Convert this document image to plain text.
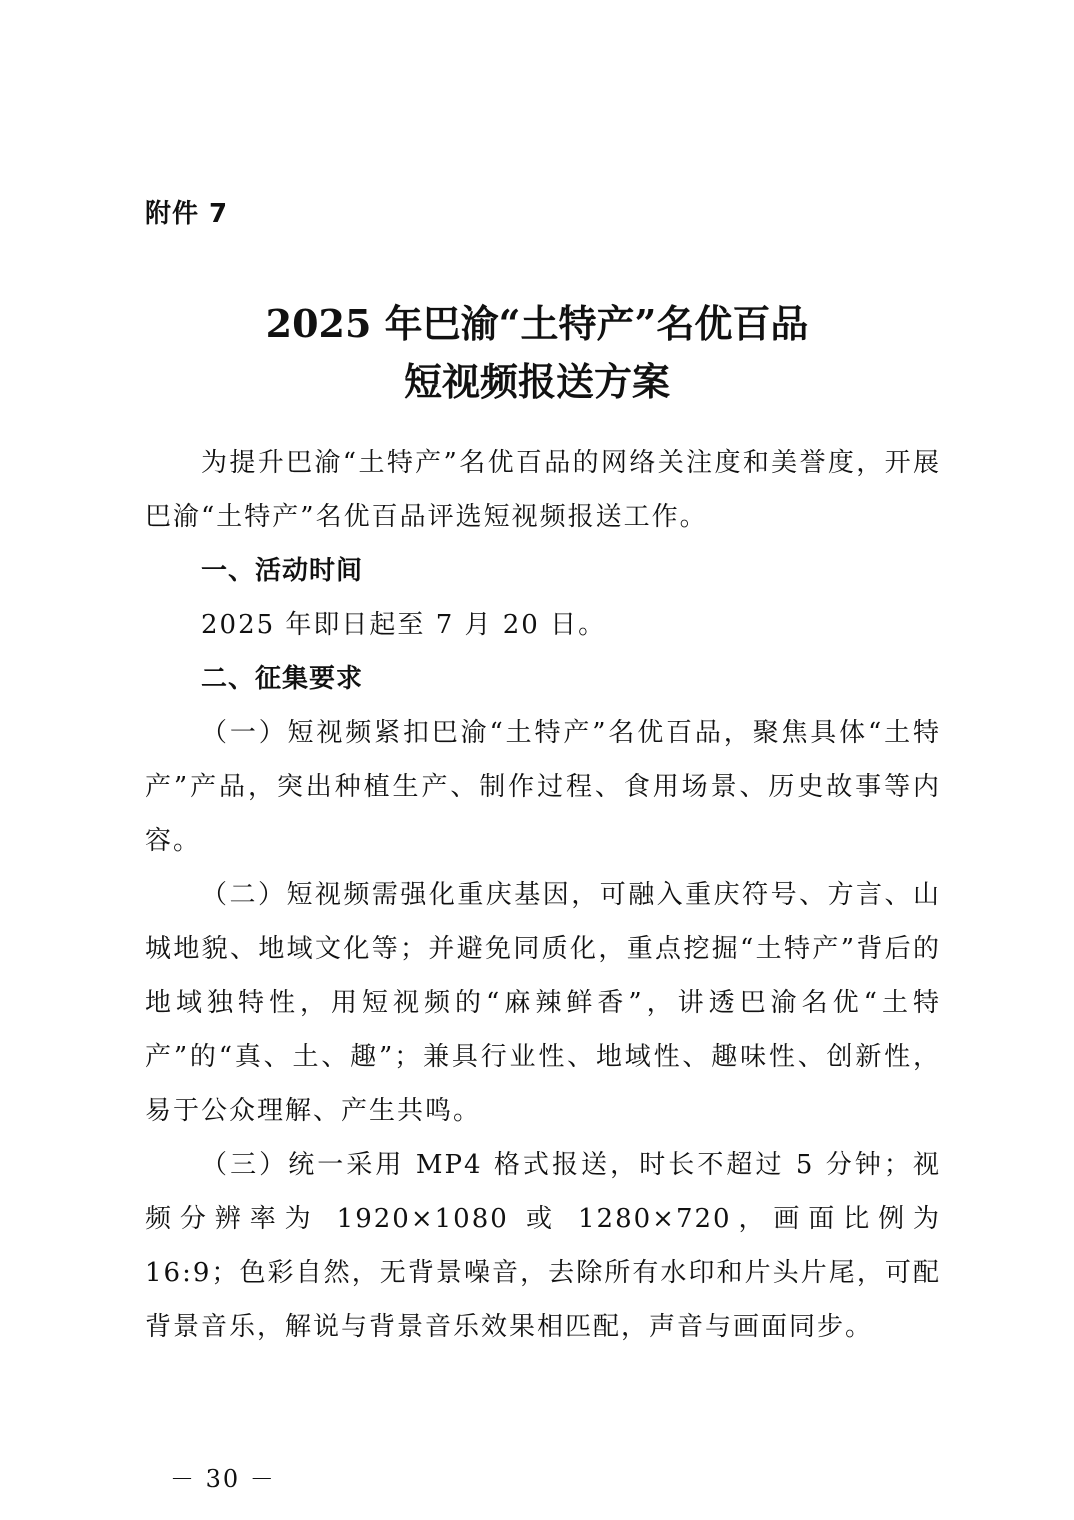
附件 7
2025 年巴渝“土特产”名优百品
短视频报送方案

为提升巴渝“土特产”名优百品的网络关注度和美誉度，开展巴渝“土特产”名优百品评选短视频报送工作。

一、活动时间

2025 年即日起至 7 月 20 日。

二、征集要求

（一）短视频紧扣巴渝“土特产”名优百品，聚焦具体“土特产”产品，突出种植生产、制作过程、食用场景、历史故事等内容。

（二）短视频需强化重庆基因，可融入重庆符号、方言、山城地貌、地域文化等；并避免同质化，重点挖掘“土特产”背后的地域独特性，用短视频的“麻辣鲜香”，讲透巴渝名优“土特产”的“真、土、趣”；兼具行业性、地域性、趣味性、创新性，易于公众理解、产生共鸣。

（三）统一采用 MP4 格式报送，时长不超过 5 分钟；视频分辨率为 1920×1080 或 1280×720，画面比例为 16:9；色彩自然，无背景噪音，去除所有水印和片头片尾，可配背景音乐，解说与背景音乐效果相匹配，声音与画面同步。

－ 30 －
